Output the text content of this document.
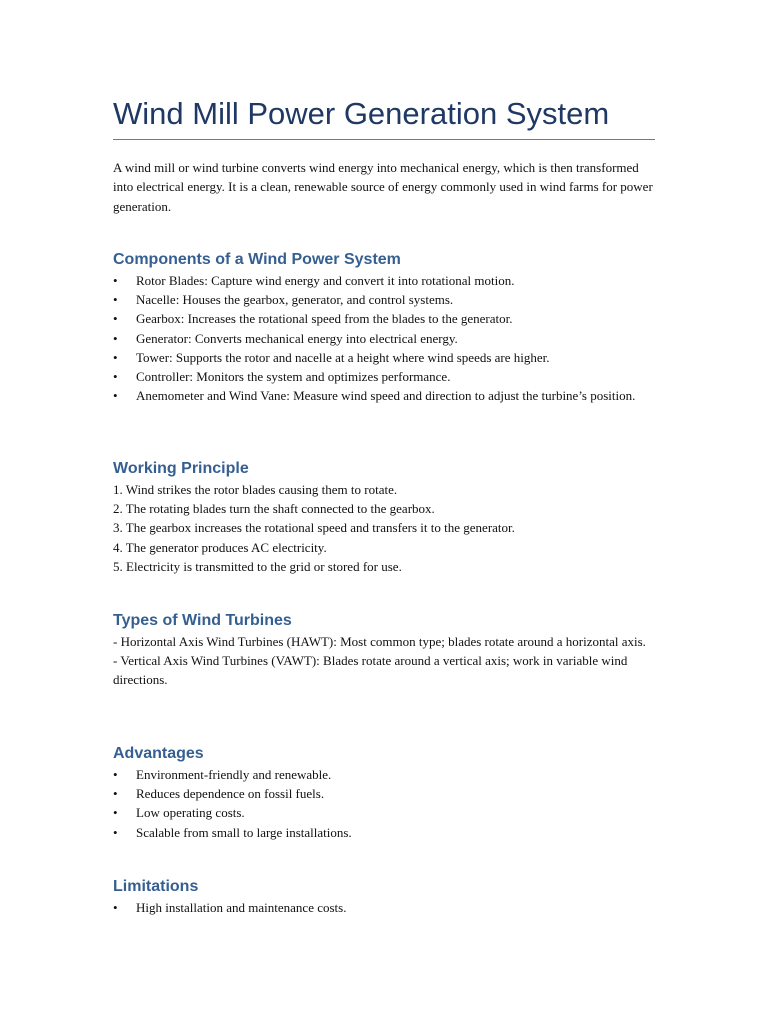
Wind Mill Power Generation System

A wind mill or wind turbine converts wind energy into mechanical energy, which is then transformed into electrical energy. It is a clean, renewable source of energy commonly used in wind farms for power generation.

Components of a Wind Power System
• Rotor Blades: Capture wind energy and convert it into rotational motion.
• Nacelle: Houses the gearbox, generator, and control systems.
• Gearbox: Increases the rotational speed from the blades to the generator.
• Generator: Converts mechanical energy into electrical energy.
• Tower: Supports the rotor and nacelle at a height where wind speeds are higher.
• Controller: Monitors the system and optimizes performance.
• Anemometer and Wind Vane: Measure wind speed and direction to adjust the turbine’s position.
Working Principle
1. Wind strikes the rotor blades causing them to rotate.
2. The rotating blades turn the shaft connected to the gearbox.
3. The gearbox increases the rotational speed and transfers it to the generator.
4. The generator produces AC electricity.
5. Electricity is transmitted to the grid or stored for use.
Types of Wind Turbines

- Horizontal Axis Wind Turbines (HAWT): Most common type; blades rotate around a horizontal axis.

- Vertical Axis Wind Turbines (VAWT): Blades rotate around a vertical axis; work in variable wind directions.

Advantages
• Environment-friendly and renewable.
• Reduces dependence on fossil fuels.
• Low operating costs.
• Scalable from small to large installations.
Limitations
• High installation and maintenance costs.
